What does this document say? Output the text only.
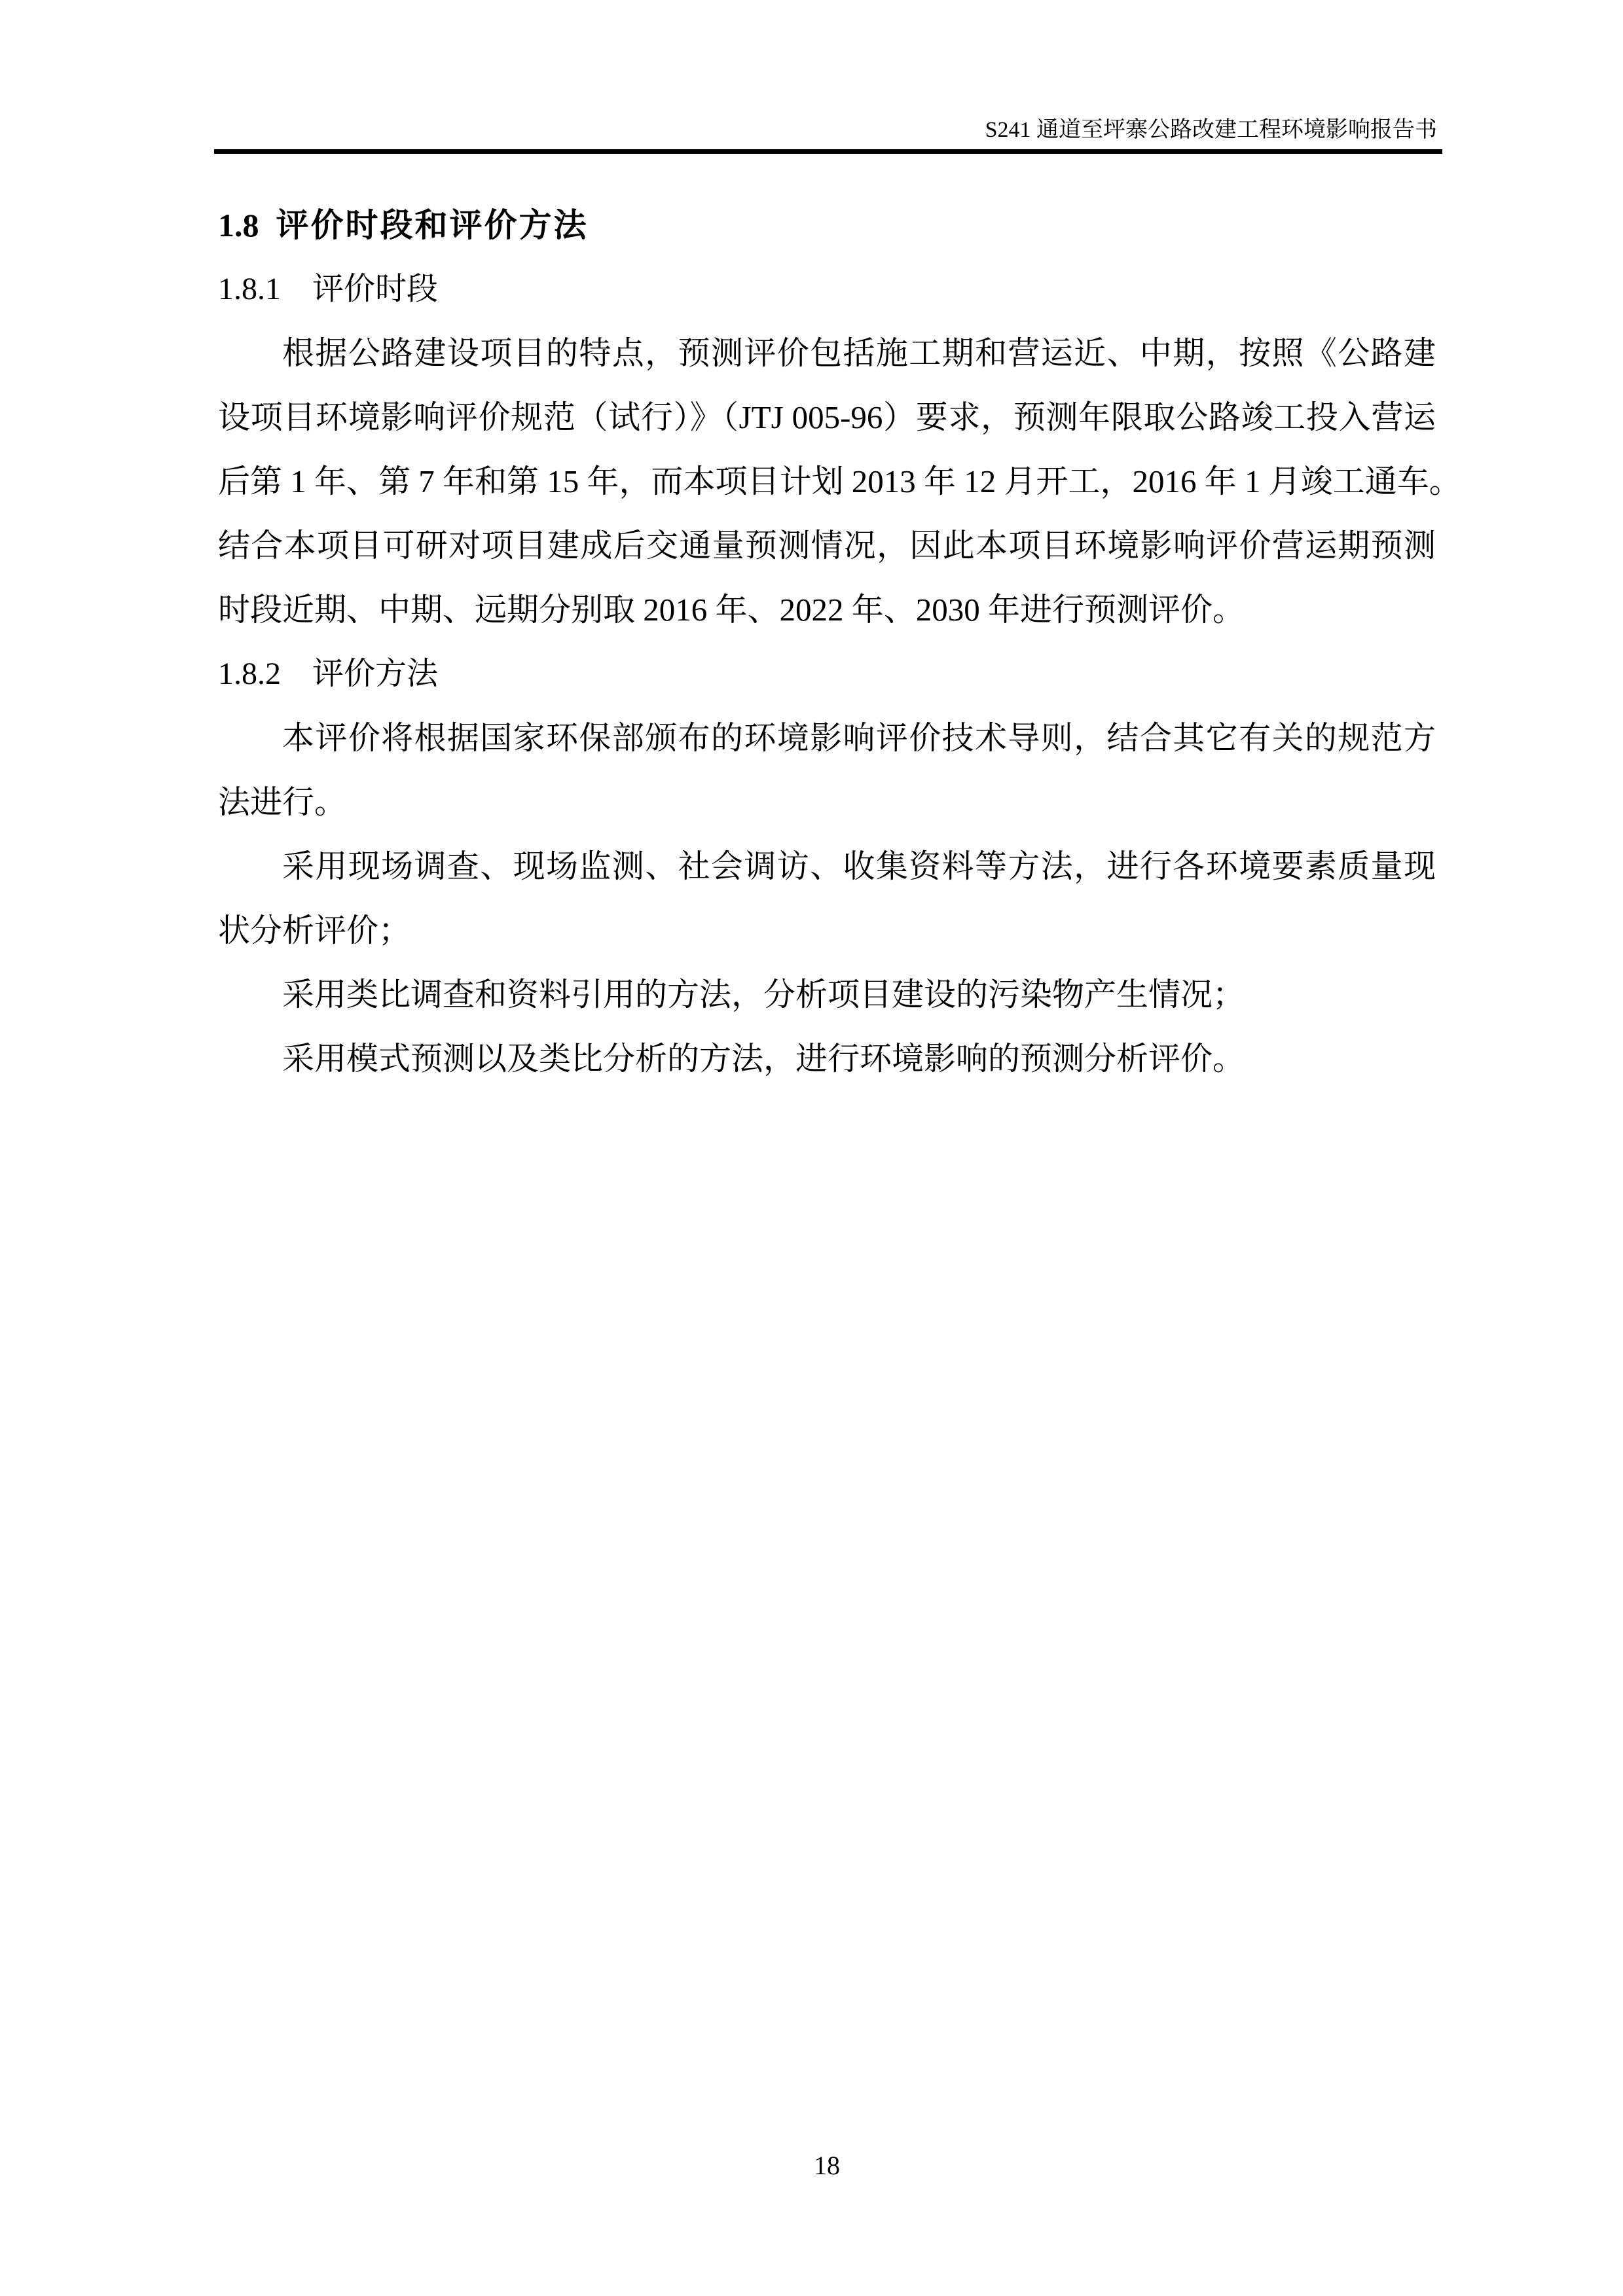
S241 通道至坪寨公路改建工程环境影响报告书
1.8 评价时段和评价方法
1.8.1 评价时段
根据公路建设项目的特点，预测评价包括施工期和营运近、中期，按照《公路建
设项目环境影响评价规范（试行）》（JTJ 005-96）要求，预测年限取公路竣工投入营运
后第 1 年、第 7 年和第 15 年，而本项目计划 2013 年 12 月开工，2016 年 1 月竣工通车。
结合本项目可研对项目建成后交通量预测情况，因此本项目环境影响评价营运期预测
时段近期、中期、远期分别取 2016 年、2022 年、2030 年进行预测评价。
1.8.2 评价方法
本评价将根据国家环保部颁布的环境影响评价技术导则，结合其它有关的规范方
法进行。
采用现场调查、现场监测、社会调访、收集资料等方法，进行各环境要素质量现
状分析评价；
采用类比调查和资料引用的方法，分析项目建设的污染物产生情况；
采用模式预测以及类比分析的方法，进行环境影响的预测分析评价。
18
